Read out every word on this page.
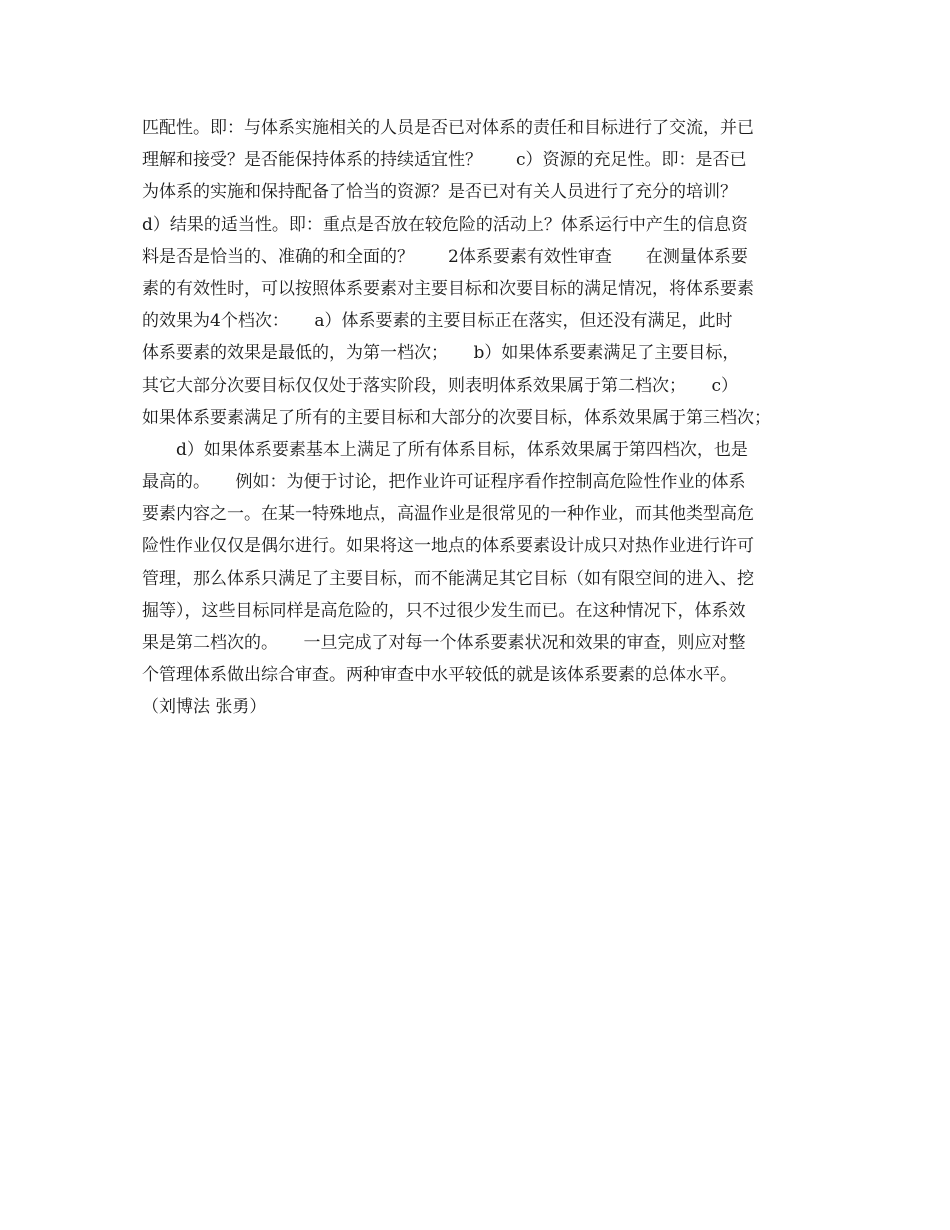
匹配性。即：与体系实施相关的人员是否已对体系的责任和目标进行了交流，并已
理解和接受？是否能保持体系的持续适宜性？　　c）资源的充足性。即：是否已
为体系的实施和保持配备了恰当的资源？是否已对有关人员进行了充分的培训？
d）结果的适当性。即：重点是否放在较危险的活动上？体系运行中产生的信息资
料是否是恰当的、准确的和全面的？　　2体系要素有效性审查　　在测量体系要
素的有效性时，可以按照体系要素对主要目标和次要目标的满足情况，将体系要素
的效果为4个档次：　　a）体系要素的主要目标正在落实，但还没有满足，此时
体系要素的效果是最低的，为第一档次；　　b）如果体系要素满足了主要目标，
其它大部分次要目标仅仅处于落实阶段，则表明体系效果属于第二档次；　　c）
如果体系要素满足了所有的主要目标和大部分的次要目标，体系效果属于第三档次；
　　d）如果体系要素基本上满足了所有体系目标，体系效果属于第四档次，也是
最高的。　　例如：为便于讨论，把作业许可证程序看作控制高危险性作业的体系
要素内容之一。在某一特殊地点，高温作业是很常见的一种作业，而其他类型高危
险性作业仅仅是偶尔进行。如果将这一地点的体系要素设计成只对热作业进行许可
管理，那么体系只满足了主要目标，而不能满足其它目标（如有限空间的进入、挖
掘等），这些目标同样是高危险的，只不过很少发生而已。在这种情况下，体系效
果是第二档次的。　　一旦完成了对每一个体系要素状况和效果的审查，则应对整
个管理体系做出综合审查。两种审查中水平较低的就是该体系要素的总体水平。
（刘博法 张勇）
